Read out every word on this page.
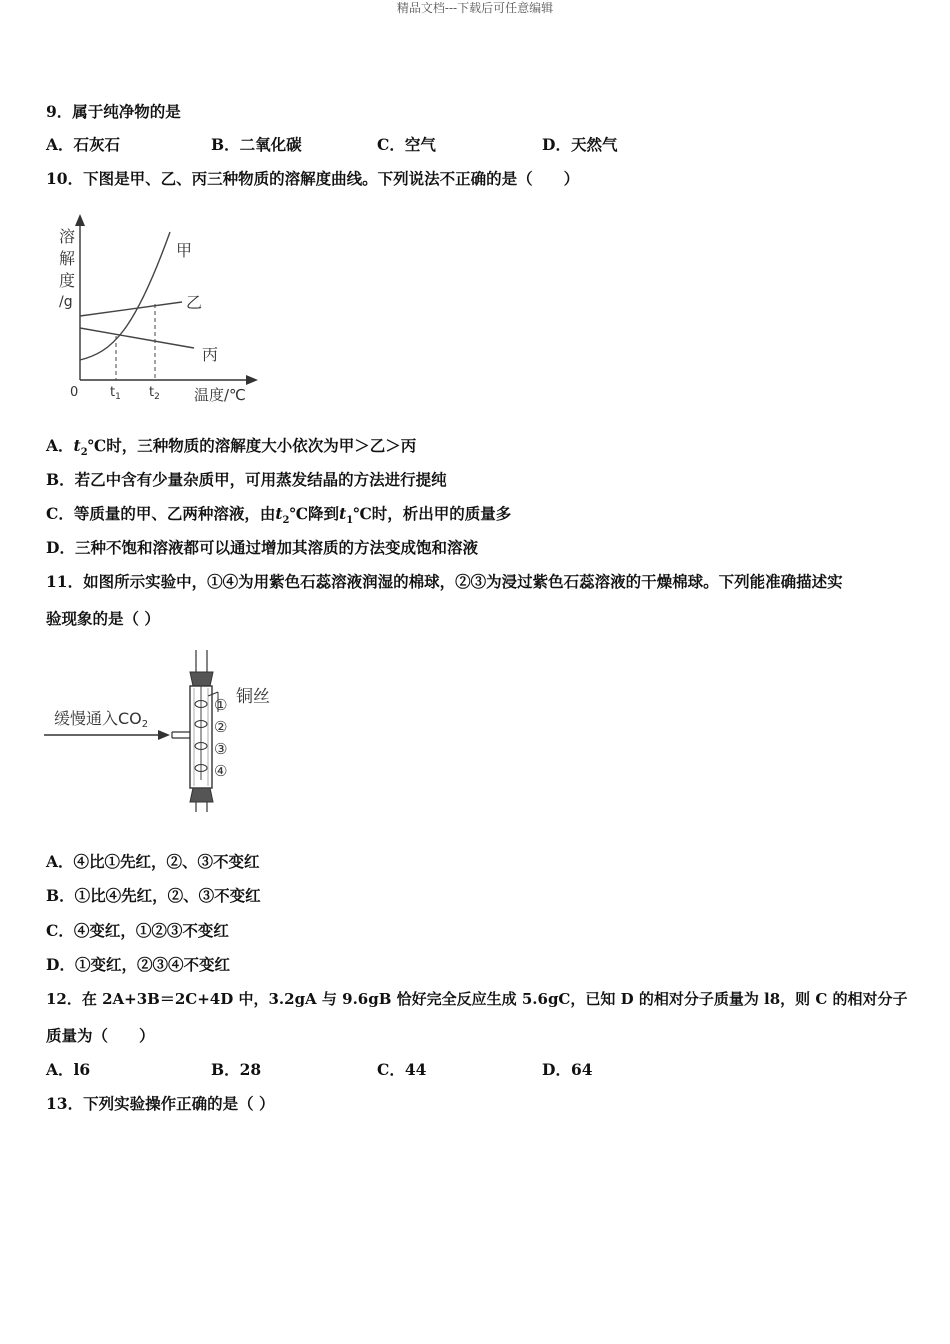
精品文档---下载后可任意编辑
9．属于纯净物的是
A．石灰石	B．二氧化碳	C．空气	D．天然气
10．下图是甲、乙、丙三种物质的溶解度曲线。下列说法不正确的是（　　）
溶
解
度
/g
甲
乙
丙
0 $t_1$ $t_2$ 温度/℃
A．$t_2℃$时，三种物质的溶解度大小依次为甲＞乙＞丙
B．若乙中含有少量杂质甲，可用蒸发结晶的方法进行提纯
C．等质量的甲、乙两种溶液，由$t_2℃$降到$t_1℃$时，析出甲的质量多
D．三种不饱和溶液都可以通过增加其溶质的方法变成饱和溶液
11．如图所示实验中，①④为用紫色石蕊溶液润湿的棉球，②③为浸过紫色石蕊溶液的干燥棉球。下列能准确描述实
验现象的是（ ）
缓慢通入CO2
铜丝
①
②
③
④
A．④比①先红，②、③不变红
B．①比④先红，②、③不变红
C．④变红，①②③不变红
D．①变红，②③④不变红
12．在 2A+3B＝2C+4D 中，3.2gA 与 9.6gB 恰好完全反应生成 5.6gC，已知 D 的相对分子质量为 l8，则 C 的相对分子
质量为（　　）
A．l6	B．28	C．44	D．64
13．下列实验操作正确的是（ ）
